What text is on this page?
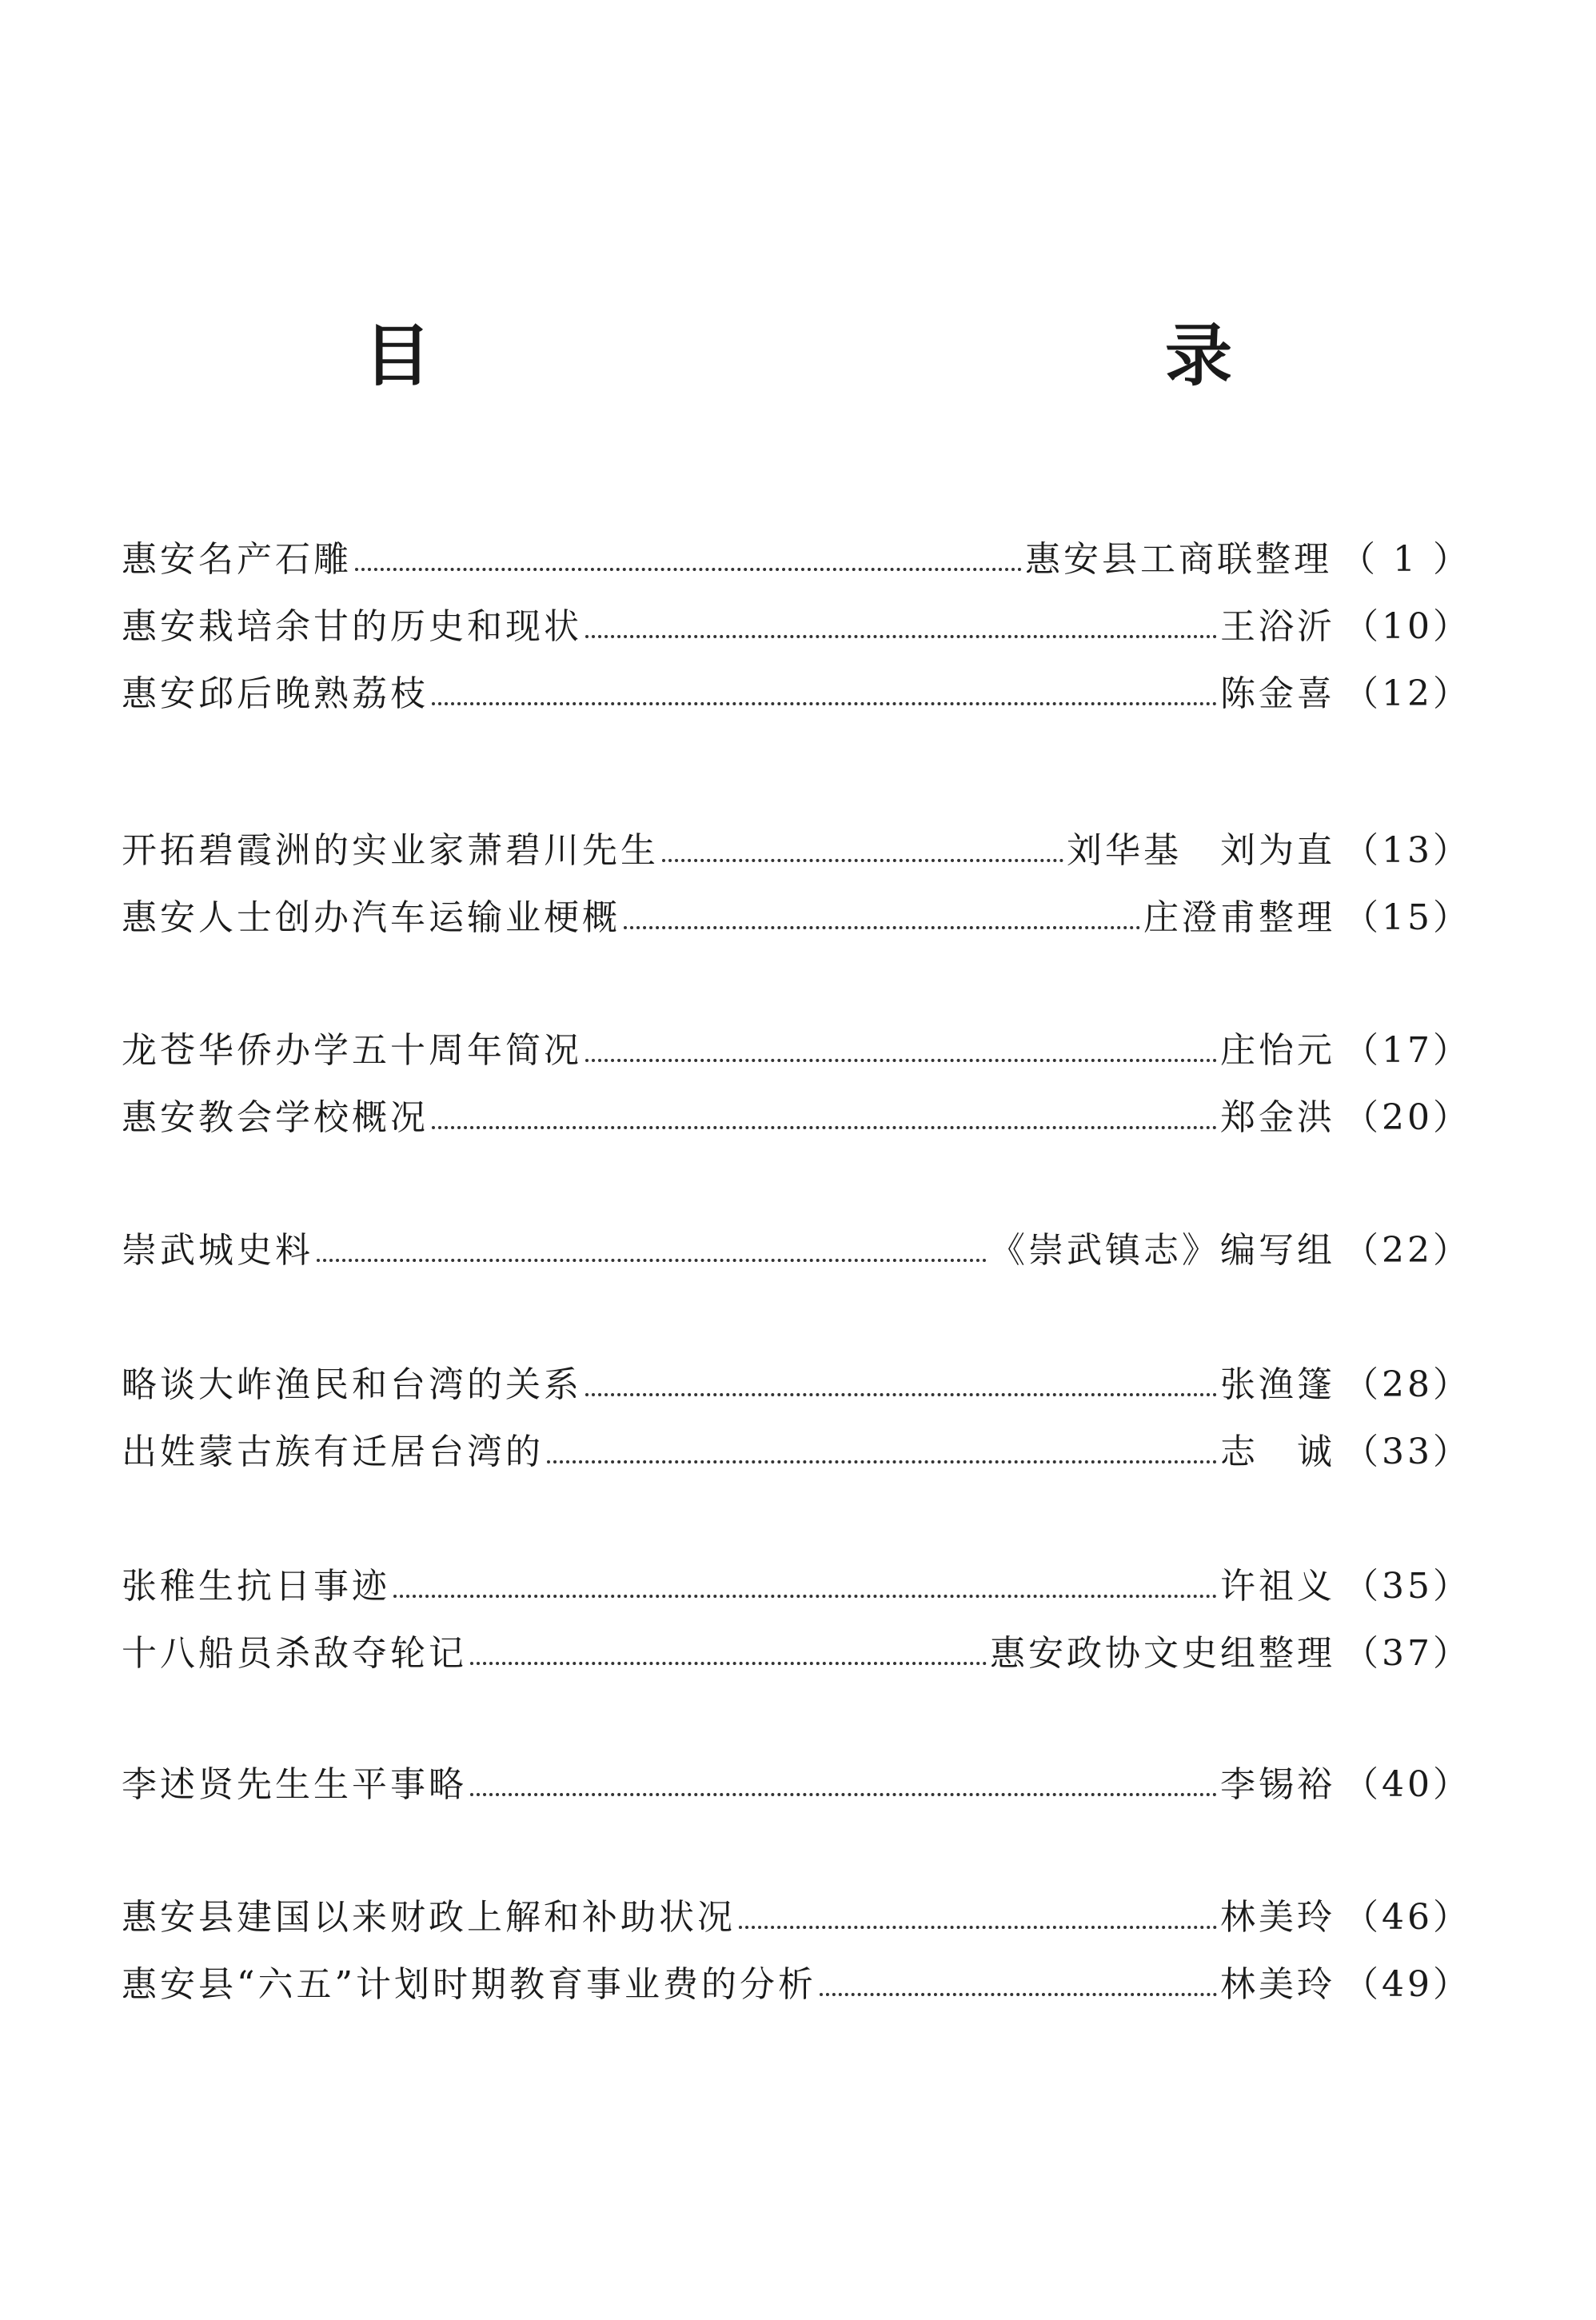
目　　录
惠安名产石雕	惠安县工商联整理 （ 1 ）
惠安栽培余甘的历史和现状	王浴沂 （10）
惠安邱后晚熟荔枝	陈金喜 （12）
开拓碧霞洲的实业家萧碧川先生	刘华基　刘为直 （13）
惠安人士创办汽车运输业梗概	庄澄甫整理 （15）
龙苍华侨办学五十周年简况	庄怡元 （17）
惠安教会学校概况	郑金洪 （20）
崇武城史料	《崇武镇志》编写组 （22）
略谈大岞渔民和台湾的关系	张渔篷 （28）
出姓蒙古族有迁居台湾的	志　诚 （33）
张稚生抗日事迹	许祖义 （35）
十八船员杀敌夺轮记	惠安政协文史组整理 （37）
李述贤先生生平事略	李锡裕 （40）
惠安县建国以来财政上解和补助状况	林美玲 （46）
惠安县“六五”计划时期教育事业费的分析	林美玲 （49）
